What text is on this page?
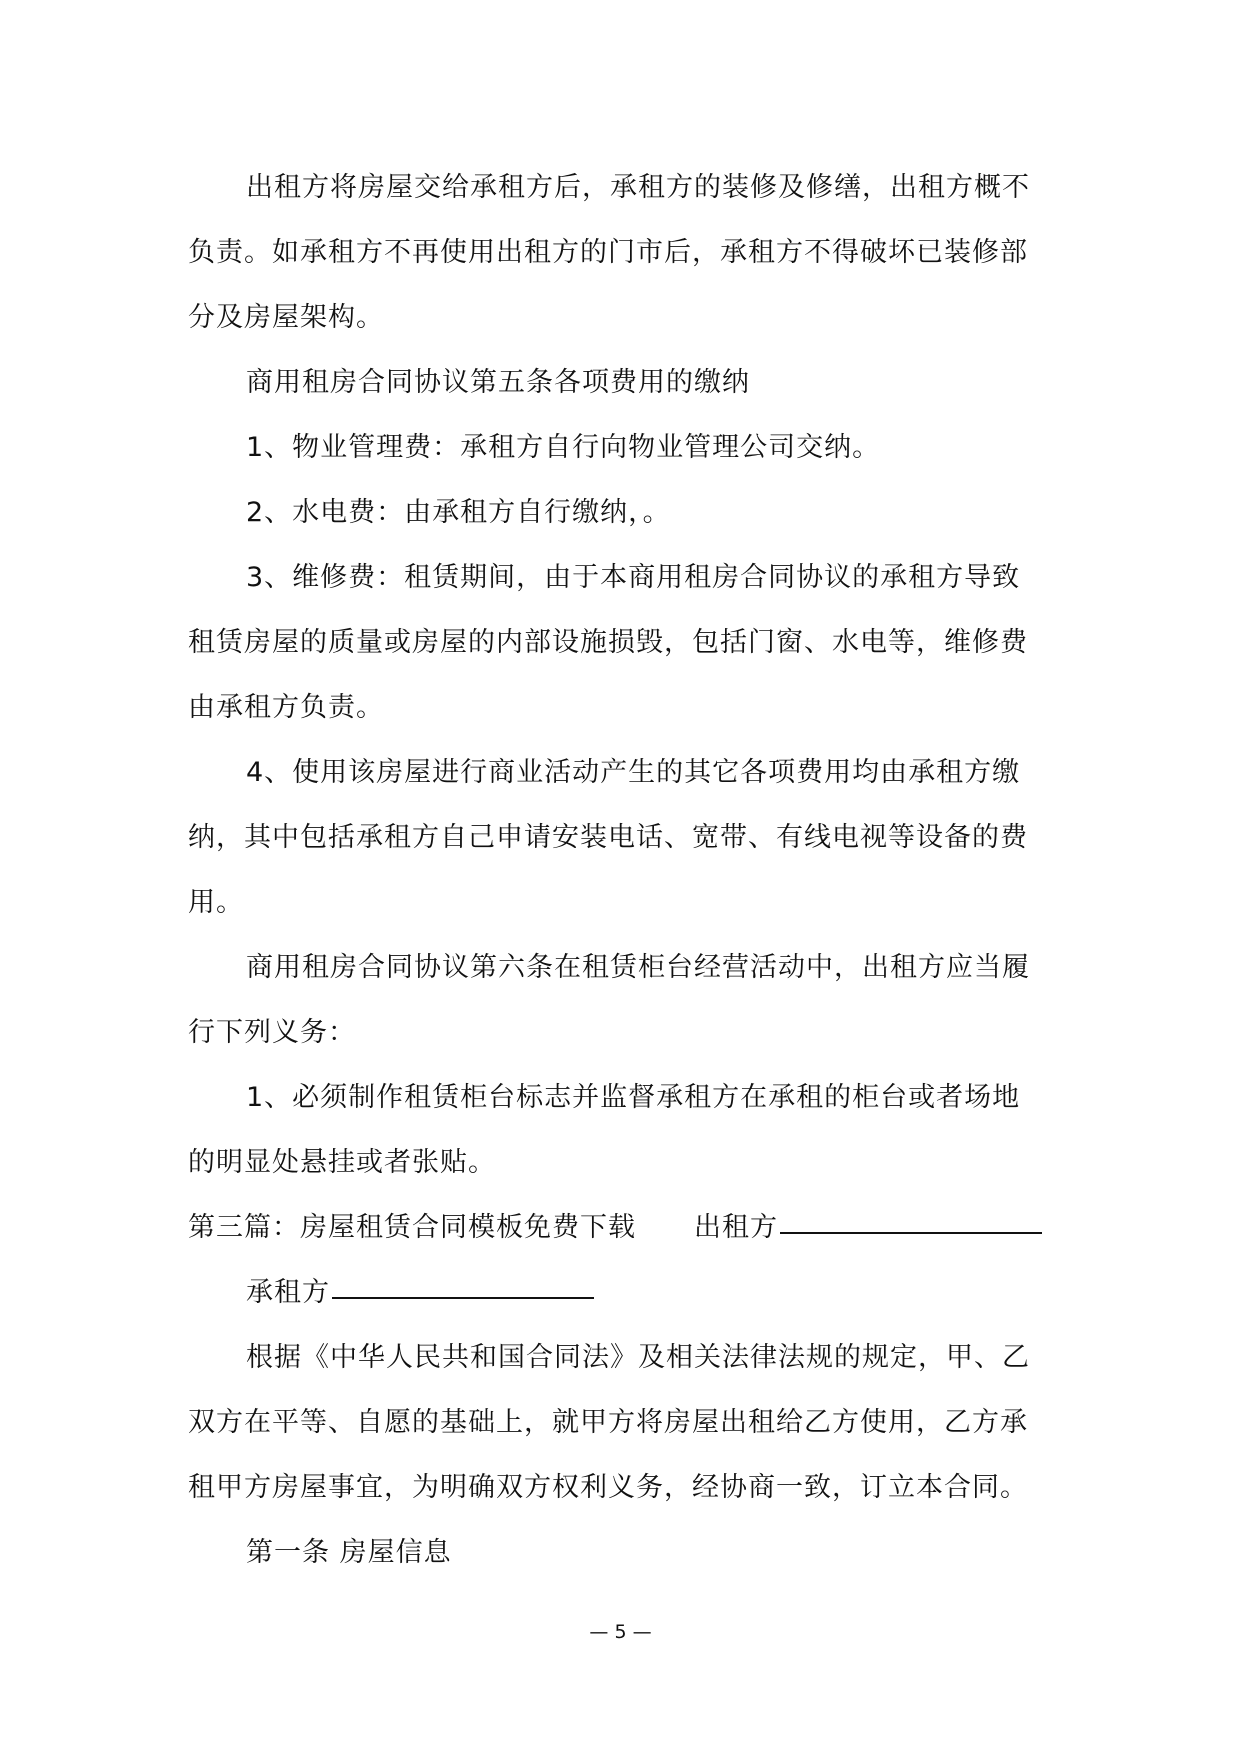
出租方将房屋交给承租方后，承租方的装修及修缮，出租方概不
负责。如承租方不再使用出租方的门市后，承租方不得破坏已装修部
分及房屋架构。

商用租房合同协议第五条各项费用的缴纳

1、物业管理费：承租方自行向物业管理公司交纳。

2、水电费：由承租方自行缴纳，。

3、维修费：租赁期间，由于本商用租房合同协议的承租方导致
租赁房屋的质量或房屋的内部设施损毁，包括门窗、水电等，维修费
由承租方负责。

4、使用该房屋进行商业活动产生的其它各项费用均由承租方缴
纳，其中包括承租方自己申请安装电话、宽带、有线电视等设备的费
用。

商用租房合同协议第六条在租赁柜台经营活动中，出租方应当履
行下列义务：

1、必须制作租赁柜台标志并监督承租方在承租的柜台或者场地
的明显处悬挂或者张贴。

第三篇：房屋租赁合同模板免费下载 出租方

承租方

根据《中华人民共和国合同法》及相关法律法规的规定，甲、乙
双方在平等、自愿的基础上，就甲方将房屋出租给乙方使用，乙方承
租甲方房屋事宜，为明确双方权利义务，经协商一致，订立本合同。

第一条 房屋信息

— 5 —
